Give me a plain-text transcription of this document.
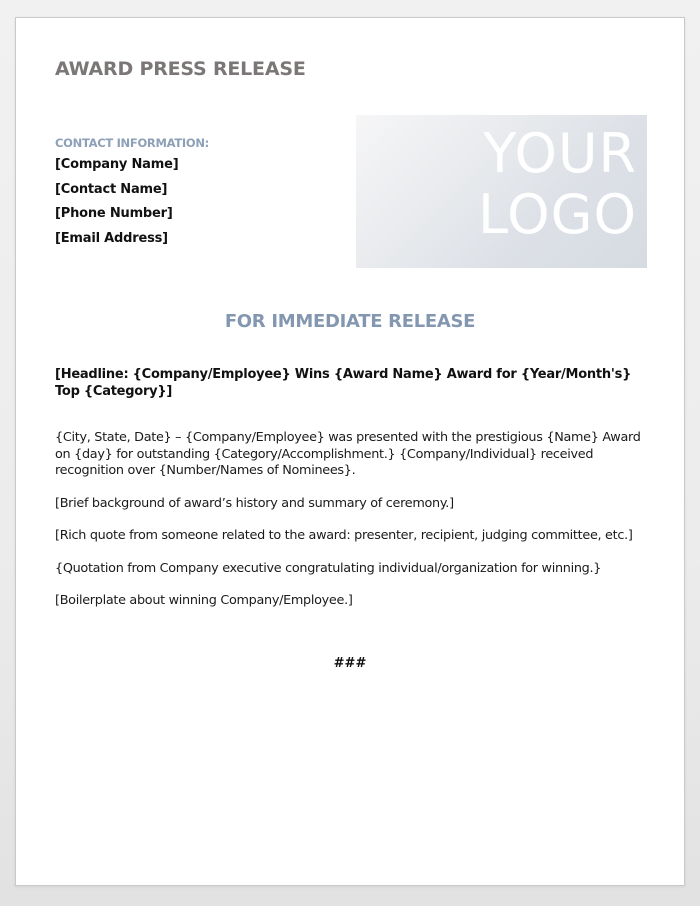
AWARD PRESS RELEASE
CONTACT INFORMATION:
[Company Name]
[Contact Name]
[Phone Number]
[Email Address]
YOUR
LOGO
FOR IMMEDIATE RELEASE
[Headline: {Company/Employee} Wins {Award Name} Award for {Year/Month's} Top {Category}]

{City, State, Date} – {Company/Employee} was presented with the prestigious {Name} Award on {day} for outstanding {Category/Accomplishment.} {Company/Individual} received recognition over {Number/Names of Nominees}.

[Brief background of award’s history and summary of ceremony.]

[Rich quote from someone related to the award: presenter, recipient, judging committee, etc.]

{Quotation from Company executive congratulating individual/organization for winning.}

[Boilerplate about winning Company/Employee.]

###
